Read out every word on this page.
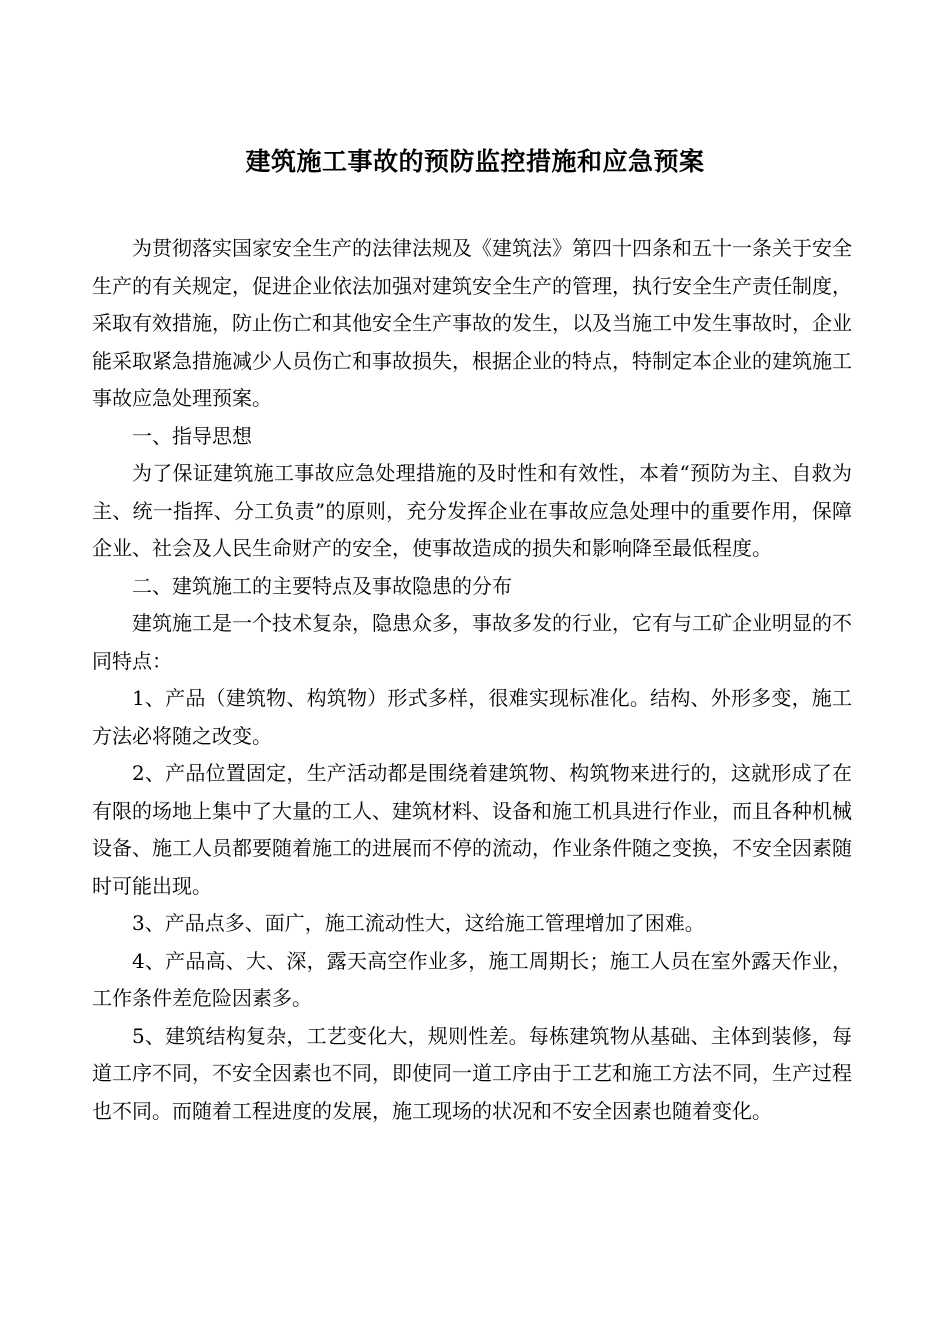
建筑施工事故的预防监控措施和应急预案

为贯彻落实国家安全生产的法律法规及《建筑法》第四十四条和五十一条关于安全生产的有关规定，促进企业依法加强对建筑安全生产的管理，执行安全生产责任制度，采取有效措施，防止伤亡和其他安全生产事故的发生，以及当施工中发生事故时，企业能采取紧急措施减少人员伤亡和事故损失，根据企业的特点，特制定本企业的建筑施工事故应急处理预案。

一、指导思想

为了保证建筑施工事故应急处理措施的及时性和有效性，本着“预防为主、自救为主、统一指挥、分工负责”的原则，充分发挥企业在事故应急处理中的重要作用，保障企业、社会及人民生命财产的安全，使事故造成的损失和影响降至最低程度。

二、建筑施工的主要特点及事故隐患的分布

建筑施工是一个技术复杂，隐患众多，事故多发的行业，它有与工矿企业明显的不同特点：

1、产品（建筑物、构筑物）形式多样，很难实现标准化。结构、外形多变，施工方法必将随之改变。

2、产品位置固定，生产活动都是围绕着建筑物、构筑物来进行的，这就形成了在有限的场地上集中了大量的工人、建筑材料、设备和施工机具进行作业，而且各种机械设备、施工人员都要随着施工的进展而不停的流动，作业条件随之变换，不安全因素随时可能出现。

3、产品点多、面广，施工流动性大，这给施工管理增加了困难。

4、产品高、大、深，露天高空作业多，施工周期长；施工人员在室外露天作业，工作条件差危险因素多。

5、建筑结构复杂，工艺变化大，规则性差。每栋建筑物从基础、主体到装修，每道工序不同，不安全因素也不同，即使同一道工序由于工艺和施工方法不同，生产过程也不同。而随着工程进度的发展，施工现场的状况和不安全因素也随着变化。
